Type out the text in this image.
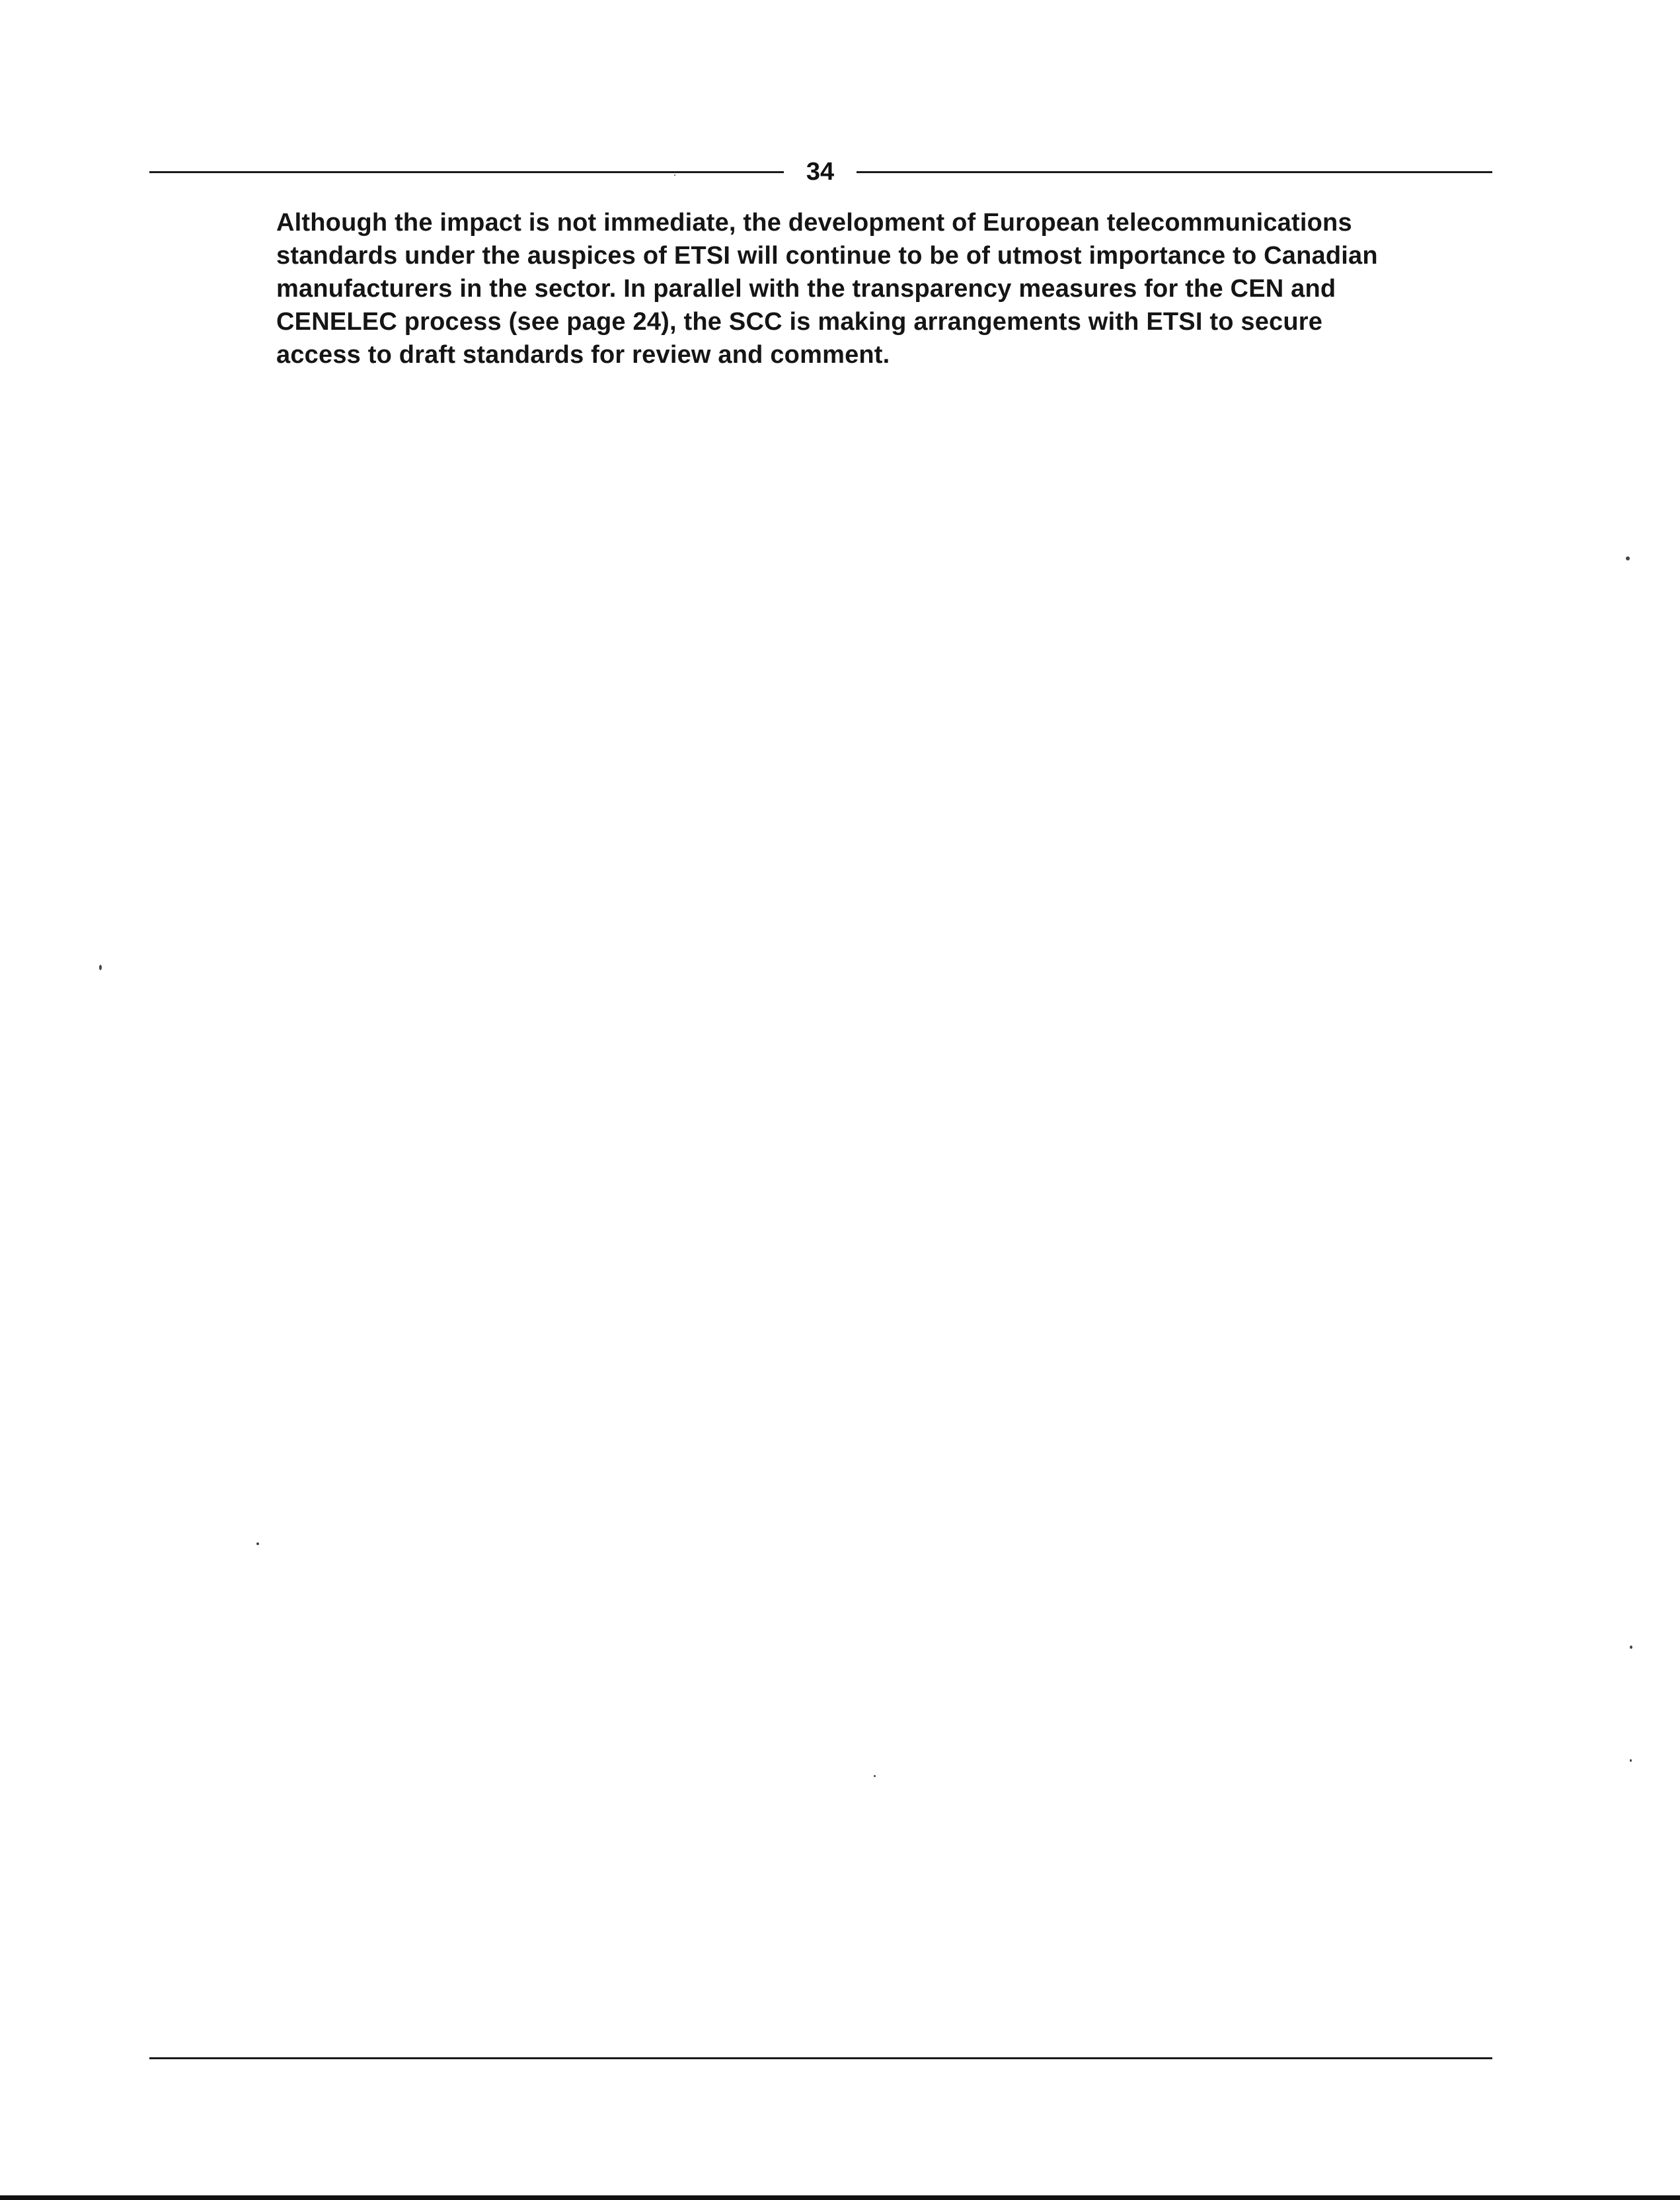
34
Although the impact is not immediate, the development of European telecommunications
standards under the auspices of ETSI will continue to be of utmost importance to Canadian
manufacturers in the sector. In parallel with the transparency measures for the CEN and
CENELEC process (see page 24), the SCC is making arrangements with ETSI to secure
access to draft standards for review and comment.
